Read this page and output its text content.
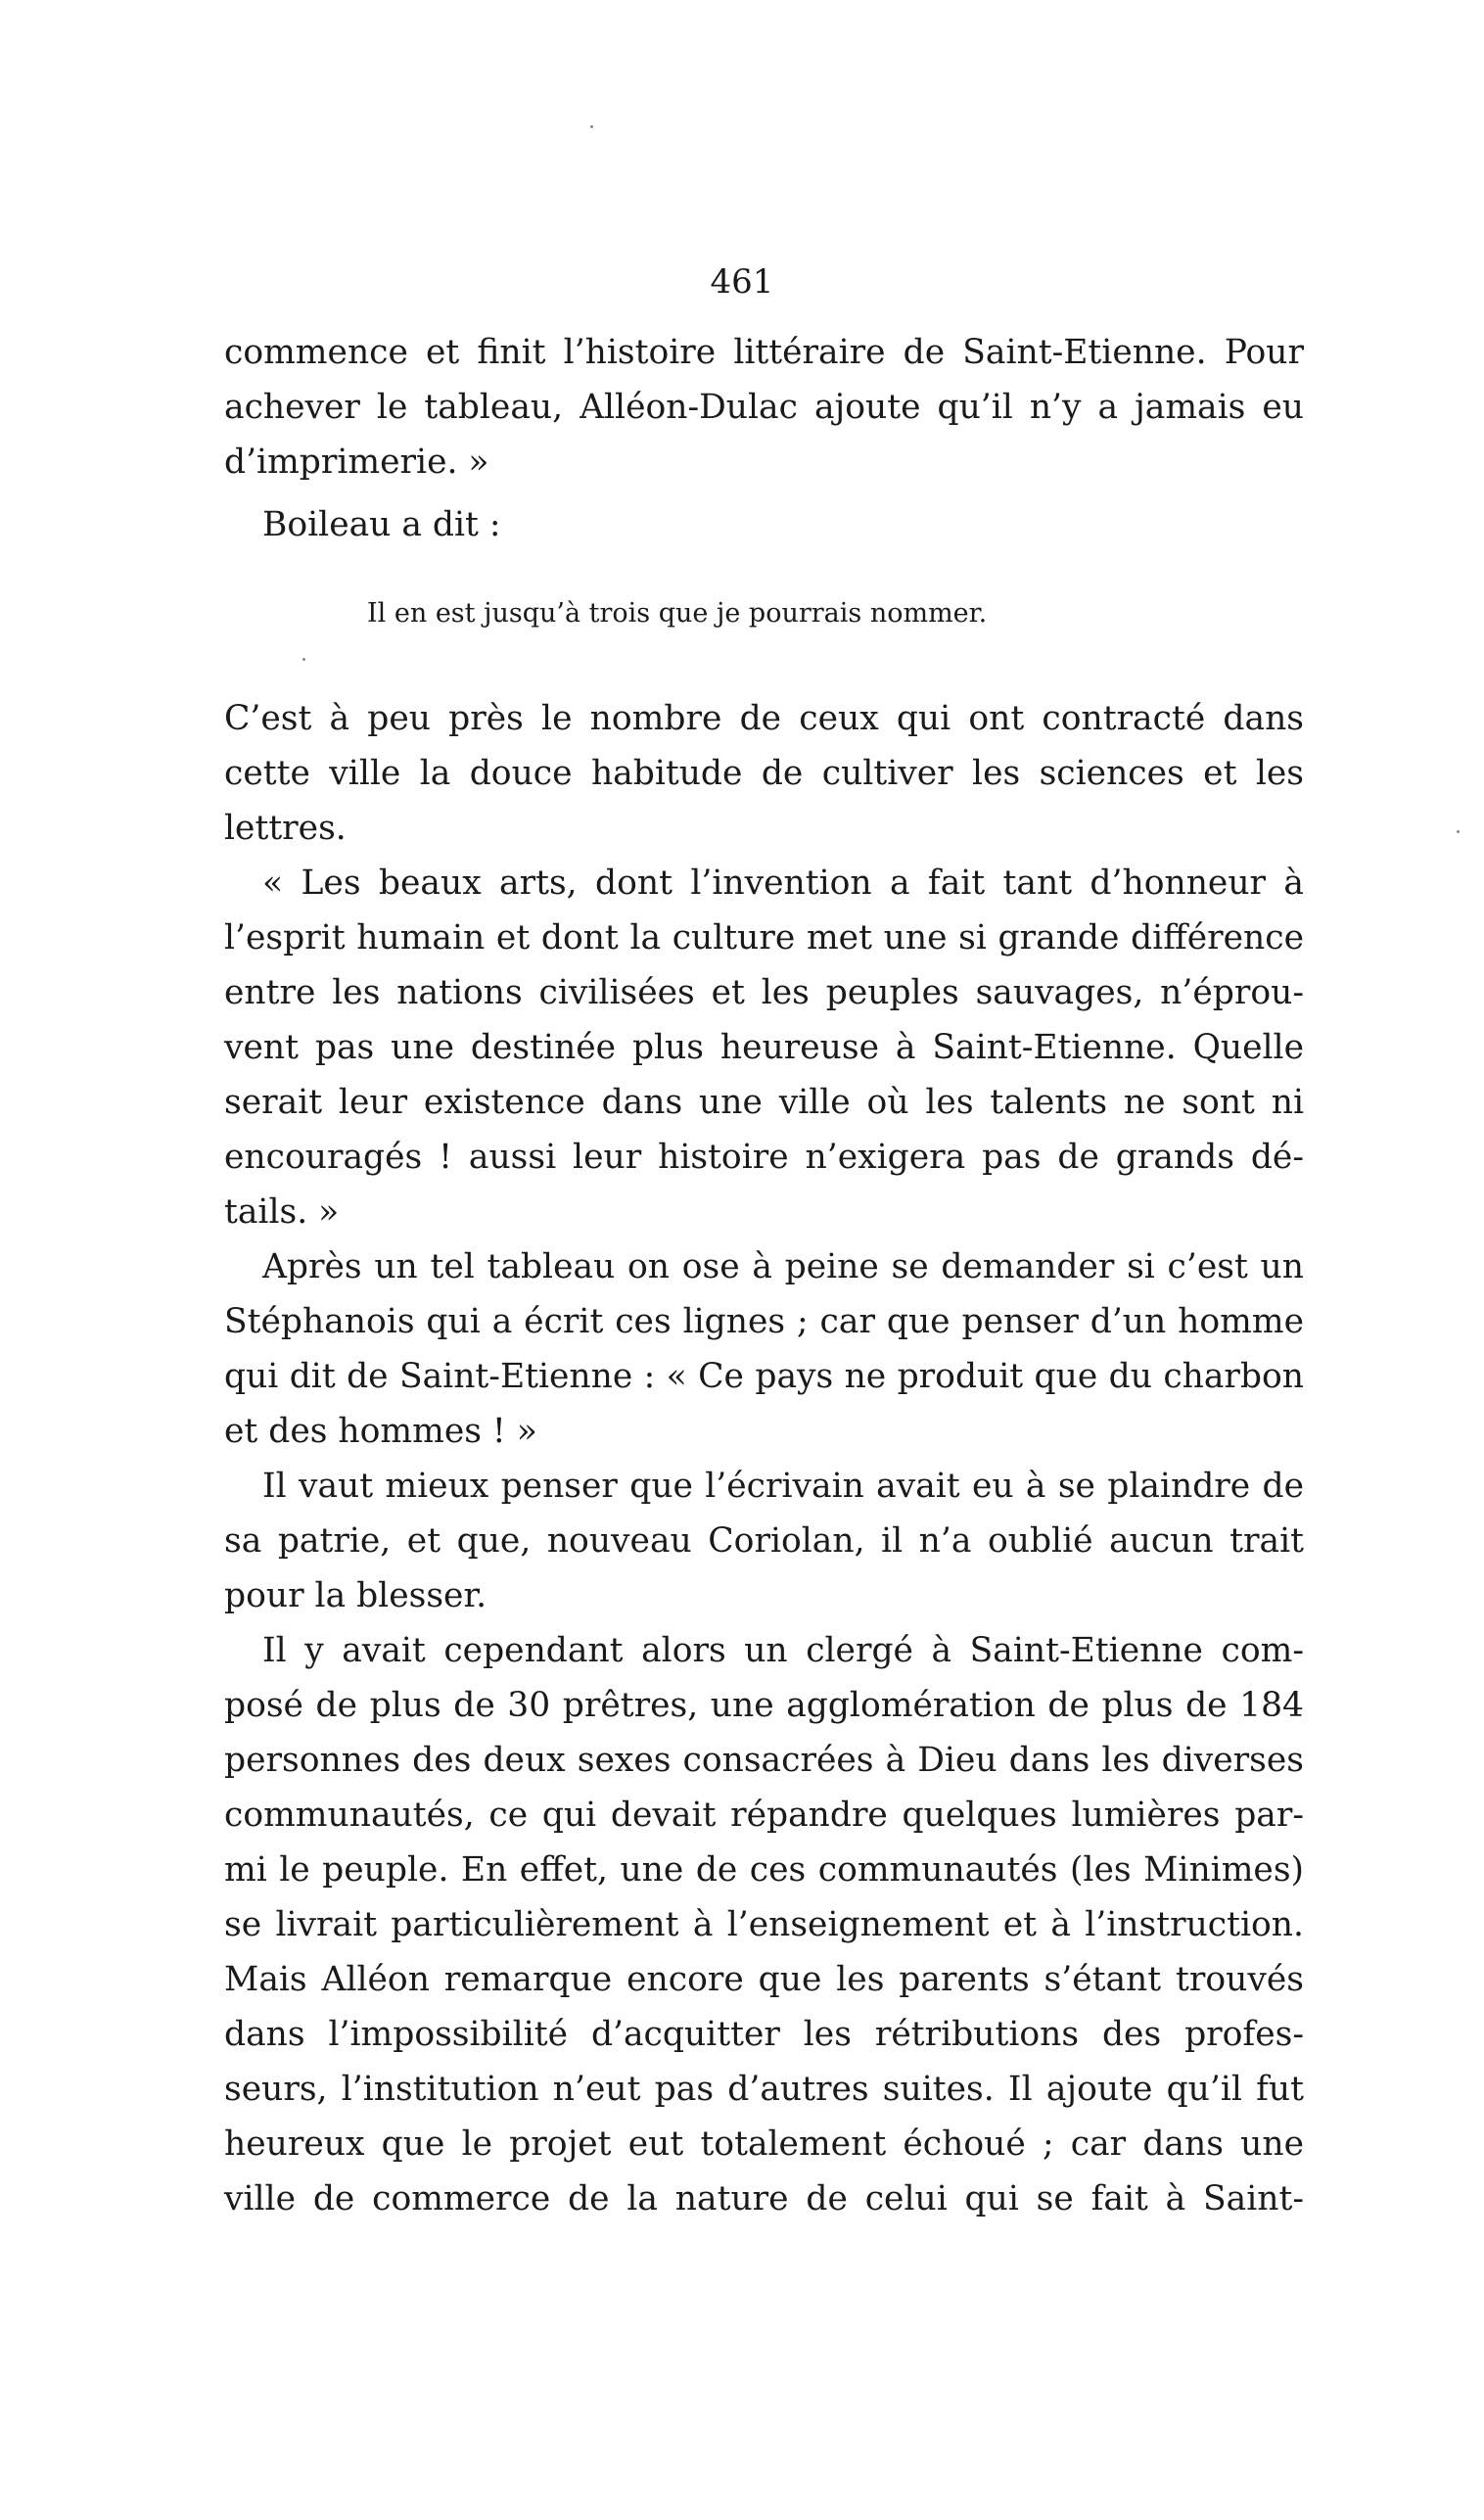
461
commence et finit l’histoire littéraire de Saint-Etienne. Pour
achever le tableau, Alléon-Dulac ajoute qu’il n’y a jamais eu
d’imprimerie. »
Boileau a dit :
Il en est jusqu’à trois que je pourrais nommer.
C’est à peu près le nombre de ceux qui ont contracté dans
cette ville la douce habitude de cultiver les sciences et les
lettres.
« Les beaux arts, dont l’invention a fait tant d’honneur à
l’esprit humain et dont la culture met une si grande différence
entre les nations civilisées et les peuples sauvages, n’éprou-
vent pas une destinée plus heureuse à Saint-Etienne. Quelle
serait leur existence dans une ville où les talents ne sont ni
encouragés ! aussi leur histoire n’exigera pas de grands dé-
tails. »
Après un tel tableau on ose à peine se demander si c’est un
Stéphanois qui a écrit ces lignes ; car que penser d’un homme
qui dit de Saint-Etienne : « Ce pays ne produit que du charbon
et des hommes ! »
Il vaut mieux penser que l’écrivain avait eu à se plaindre de
sa patrie, et que, nouveau Coriolan, il n’a oublié aucun trait
pour la blesser.
Il y avait cependant alors un clergé à Saint-Etienne com-
posé de plus de 30 prêtres, une agglomération de plus de 184
personnes des deux sexes consacrées à Dieu dans les diverses
communautés, ce qui devait répandre quelques lumières par-
mi le peuple. En effet, une de ces communautés (les Minimes)
se livrait particulièrement à l’enseignement et à l’instruction.
Mais Alléon remarque encore que les parents s’étant trouvés
dans l’impossibilité d’acquitter les rétributions des profes-
seurs, l’institution n’eut pas d’autres suites. Il ajoute qu’il fut
heureux que le projet eut totalement échoué ; car dans une
ville de commerce de la nature de celui qui se fait à Saint-
